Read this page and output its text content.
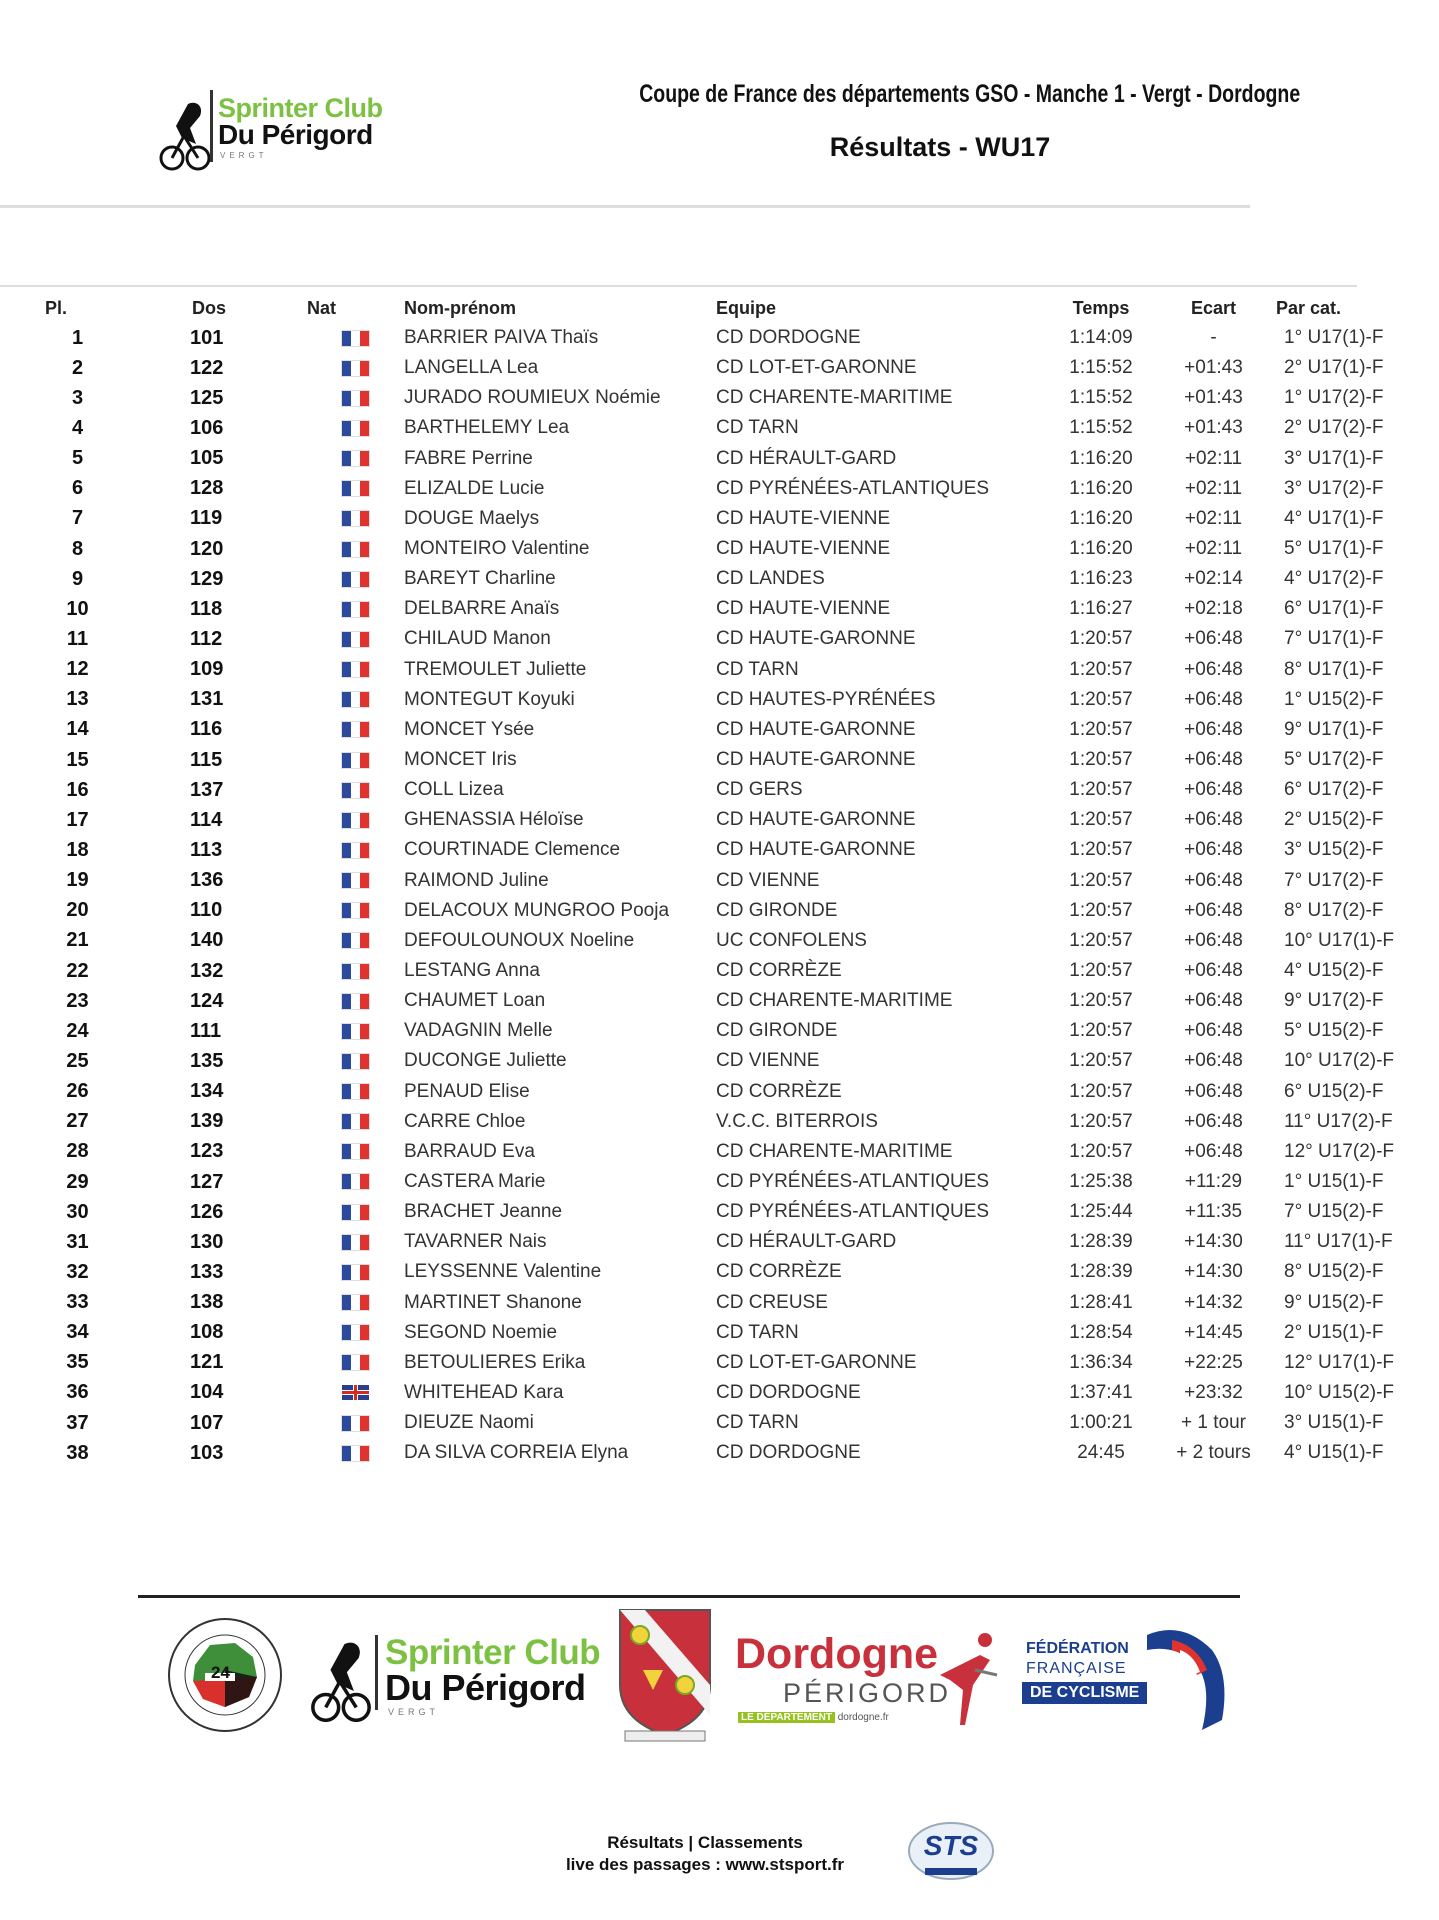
Sprinter Club
Du Périgord
VERGT
Coupe de France des départements GSO - Manche 1 - Vergt - Dordogne
Résultats - WU17
Pl.	Dos	Nat	Nom-prénom	Equipe	Temps	Ecart	Par cat.
1	101		BARRIER PAIVA Thaïs	CD DORDOGNE	1:14:09	-	1° U17(1)-F
2	122		LANGELLA Lea	CD LOT-ET-GARONNE	1:15:52	+01:43	2° U17(1)-F
3	125		JURADO ROUMIEUX Noémie	CD CHARENTE-MARITIME	1:15:52	+01:43	1° U17(2)-F
4	106		BARTHELEMY Lea	CD TARN	1:15:52	+01:43	2° U17(2)-F
5	105		FABRE Perrine	CD HÉRAULT-GARD	1:16:20	+02:11	3° U17(1)-F
6	128		ELIZALDE Lucie	CD PYRÉNÉES-ATLANTIQUES	1:16:20	+02:11	3° U17(2)-F
7	119		DOUGE Maelys	CD HAUTE-VIENNE	1:16:20	+02:11	4° U17(1)-F
8	120		MONTEIRO Valentine	CD HAUTE-VIENNE	1:16:20	+02:11	5° U17(1)-F
9	129		BAREYT Charline	CD LANDES	1:16:23	+02:14	4° U17(2)-F
10	118		DELBARRE Anaïs	CD HAUTE-VIENNE	1:16:27	+02:18	6° U17(1)-F
11	112		CHILAUD Manon	CD HAUTE-GARONNE	1:20:57	+06:48	7° U17(1)-F
12	109		TREMOULET Juliette	CD TARN	1:20:57	+06:48	8° U17(1)-F
13	131		MONTEGUT Koyuki	CD HAUTES-PYRÉNÉES	1:20:57	+06:48	1° U15(2)-F
14	116		MONCET Ysée	CD HAUTE-GARONNE	1:20:57	+06:48	9° U17(1)-F
15	115		MONCET Iris	CD HAUTE-GARONNE	1:20:57	+06:48	5° U17(2)-F
16	137		COLL Lizea	CD GERS	1:20:57	+06:48	6° U17(2)-F
17	114		GHENASSIA Héloïse	CD HAUTE-GARONNE	1:20:57	+06:48	2° U15(2)-F
18	113		COURTINADE Clemence	CD HAUTE-GARONNE	1:20:57	+06:48	3° U15(2)-F
19	136		RAIMOND Juline	CD VIENNE	1:20:57	+06:48	7° U17(2)-F
20	110		DELACOUX MUNGROO Pooja	CD GIRONDE	1:20:57	+06:48	8° U17(2)-F
21	140		DEFOULOUNOUX Noeline	UC CONFOLENS	1:20:57	+06:48	10° U17(1)-F
22	132		LESTANG Anna	CD CORRÈZE	1:20:57	+06:48	4° U15(2)-F
23	124		CHAUMET Loan	CD CHARENTE-MARITIME	1:20:57	+06:48	9° U17(2)-F
24	111		VADAGNIN Melle	CD GIRONDE	1:20:57	+06:48	5° U15(2)-F
25	135		DUCONGE Juliette	CD VIENNE	1:20:57	+06:48	10° U17(2)-F
26	134		PENAUD Elise	CD CORRÈZE	1:20:57	+06:48	6° U15(2)-F
27	139		CARRE Chloe	V.C.C. BITERROIS	1:20:57	+06:48	11° U17(2)-F
28	123		BARRAUD Eva	CD CHARENTE-MARITIME	1:20:57	+06:48	12° U17(2)-F
29	127		CASTERA Marie	CD PYRÉNÉES-ATLANTIQUES	1:25:38	+11:29	1° U15(1)-F
30	126		BRACHET Jeanne	CD PYRÉNÉES-ATLANTIQUES	1:25:44	+11:35	7° U15(2)-F
31	130		TAVARNER Nais	CD HÉRAULT-GARD	1:28:39	+14:30	11° U17(1)-F
32	133		LEYSSENNE Valentine	CD CORRÈZE	1:28:39	+14:30	8° U15(2)-F
33	138		MARTINET Shanone	CD CREUSE	1:28:41	+14:32	9° U15(2)-F
34	108		SEGOND Noemie	CD TARN	1:28:54	+14:45	2° U15(1)-F
35	121		BETOULIERES Erika	CD LOT-ET-GARONNE	1:36:34	+22:25	12° U17(1)-F
36	104		WHITEHEAD Kara	CD DORDOGNE	1:37:41	+23:32	10° U15(2)-F
37	107		DIEUZE Naomi	CD TARN	1:00:21	+ 1 tour	3° U15(1)-F
38	103		DA SILVA CORREIA Elyna	CD DORDOGNE	24:45	+ 2 tours	4° U15(1)-F
24
Sprinter Club
Du Périgord
VERGT
Dordogne
PÉRIGORD
LE DÉPARTEMENT dordogne.fr
FÉDÉRATION
FRANÇAISE
DE CYCLISME
Résultats | Classements
live des passages : www.stsport.fr
STS
